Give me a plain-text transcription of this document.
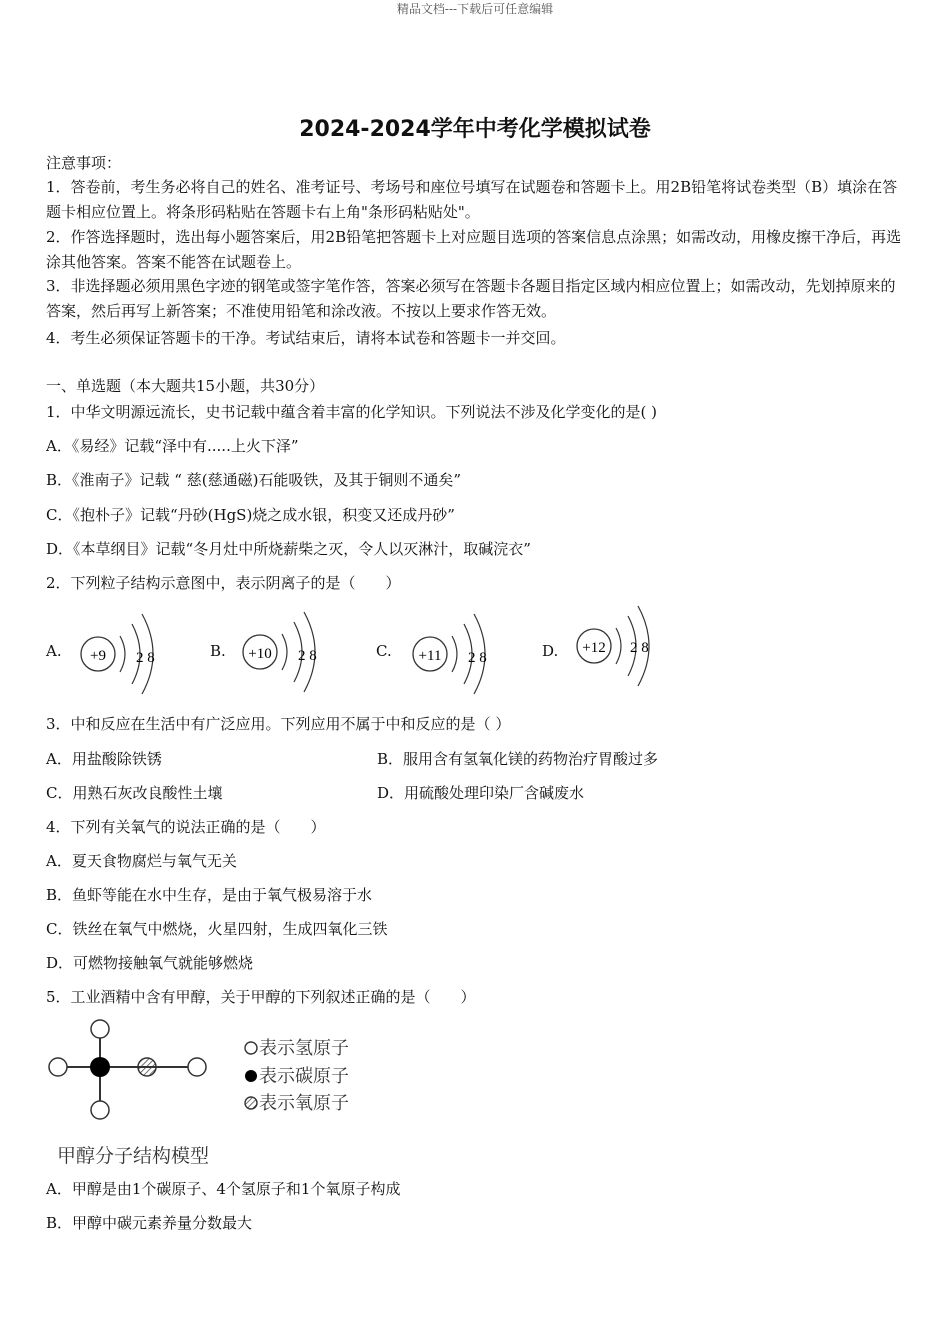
精品文档---下载后可任意编辑
2024-2024学年中考化学模拟试卷
注意事项：
1．答卷前，考生务必将自己的姓名、准考证号、考场号和座位号填写在试题卷和答题卡上。用2B铅笔将试卷类型（B）填涂在答题卡相应位置上。将条形码粘贴在答题卡右上角"条形码粘贴处"。
2．作答选择题时，选出每小题答案后，用2B铅笔把答题卡上对应题目选项的答案信息点涂黑；如需改动，用橡皮擦干净后，再选涂其他答案。答案不能答在试题卷上。
3．非选择题必须用黑色字迹的钢笔或签字笔作答，答案必须写在答题卡各题目指定区域内相应位置上；如需改动，先划掉原来的答案，然后再写上新答案；不准使用铅笔和涂改液。不按以上要求作答无效。
4．考生必须保证答题卡的干净。考试结束后，请将本试卷和答题卡一并交回。
一、单选题（本大题共15小题，共30分）
1．中华文明源远流长，史书记载中蕴含着丰富的化学知识。下列说法不涉及化学变化的是( )
A．《易经》记载“泽中有.....上火下泽”
B．《淮南子》记载 “ 慈(慈通磁)石能吸铁，及其于铜则不通矣”
C．《抱朴子》记载“丹砂(HgS)烧之成水银，积变又还成丹砂”
D．《本草纲目》记载“冬月灶中所烧薪柴之灭，令人以灭淋汁，取碱浣衣”
2．下列粒子结构示意图中，表示阴离子的是（　　）
A. +9 2 8	B. +10 2 8	C. +11 2 8	D. +12 2 8
3．中和反应在生活中有广泛应用。下列应用不属于中和反应的是（ ）
A．用盐酸除铁锈	B．服用含有氢氧化镁的药物治疗胃酸过多
C．用熟石灰改良酸性土壤	D．用硫酸处理印染厂含碱废水
4．下列有关氧气的说法正确的是（　　）
A．夏天食物腐烂与氧气无关
B．鱼虾等能在水中生存，是由于氧气极易溶于水
C．铁丝在氧气中燃烧，火星四射，生成四氧化三铁
D．可燃物接触氧气就能够燃烧
5．工业酒精中含有甲醇，关于甲醇的下列叙述正确的是（　　）
表示氢原子
表示碳原子
表示氧原子
甲醇分子结构模型
A．甲醇是由1个碳原子、4个氢原子和1个氧原子构成
B．甲醇中碳元素养量分数最大
